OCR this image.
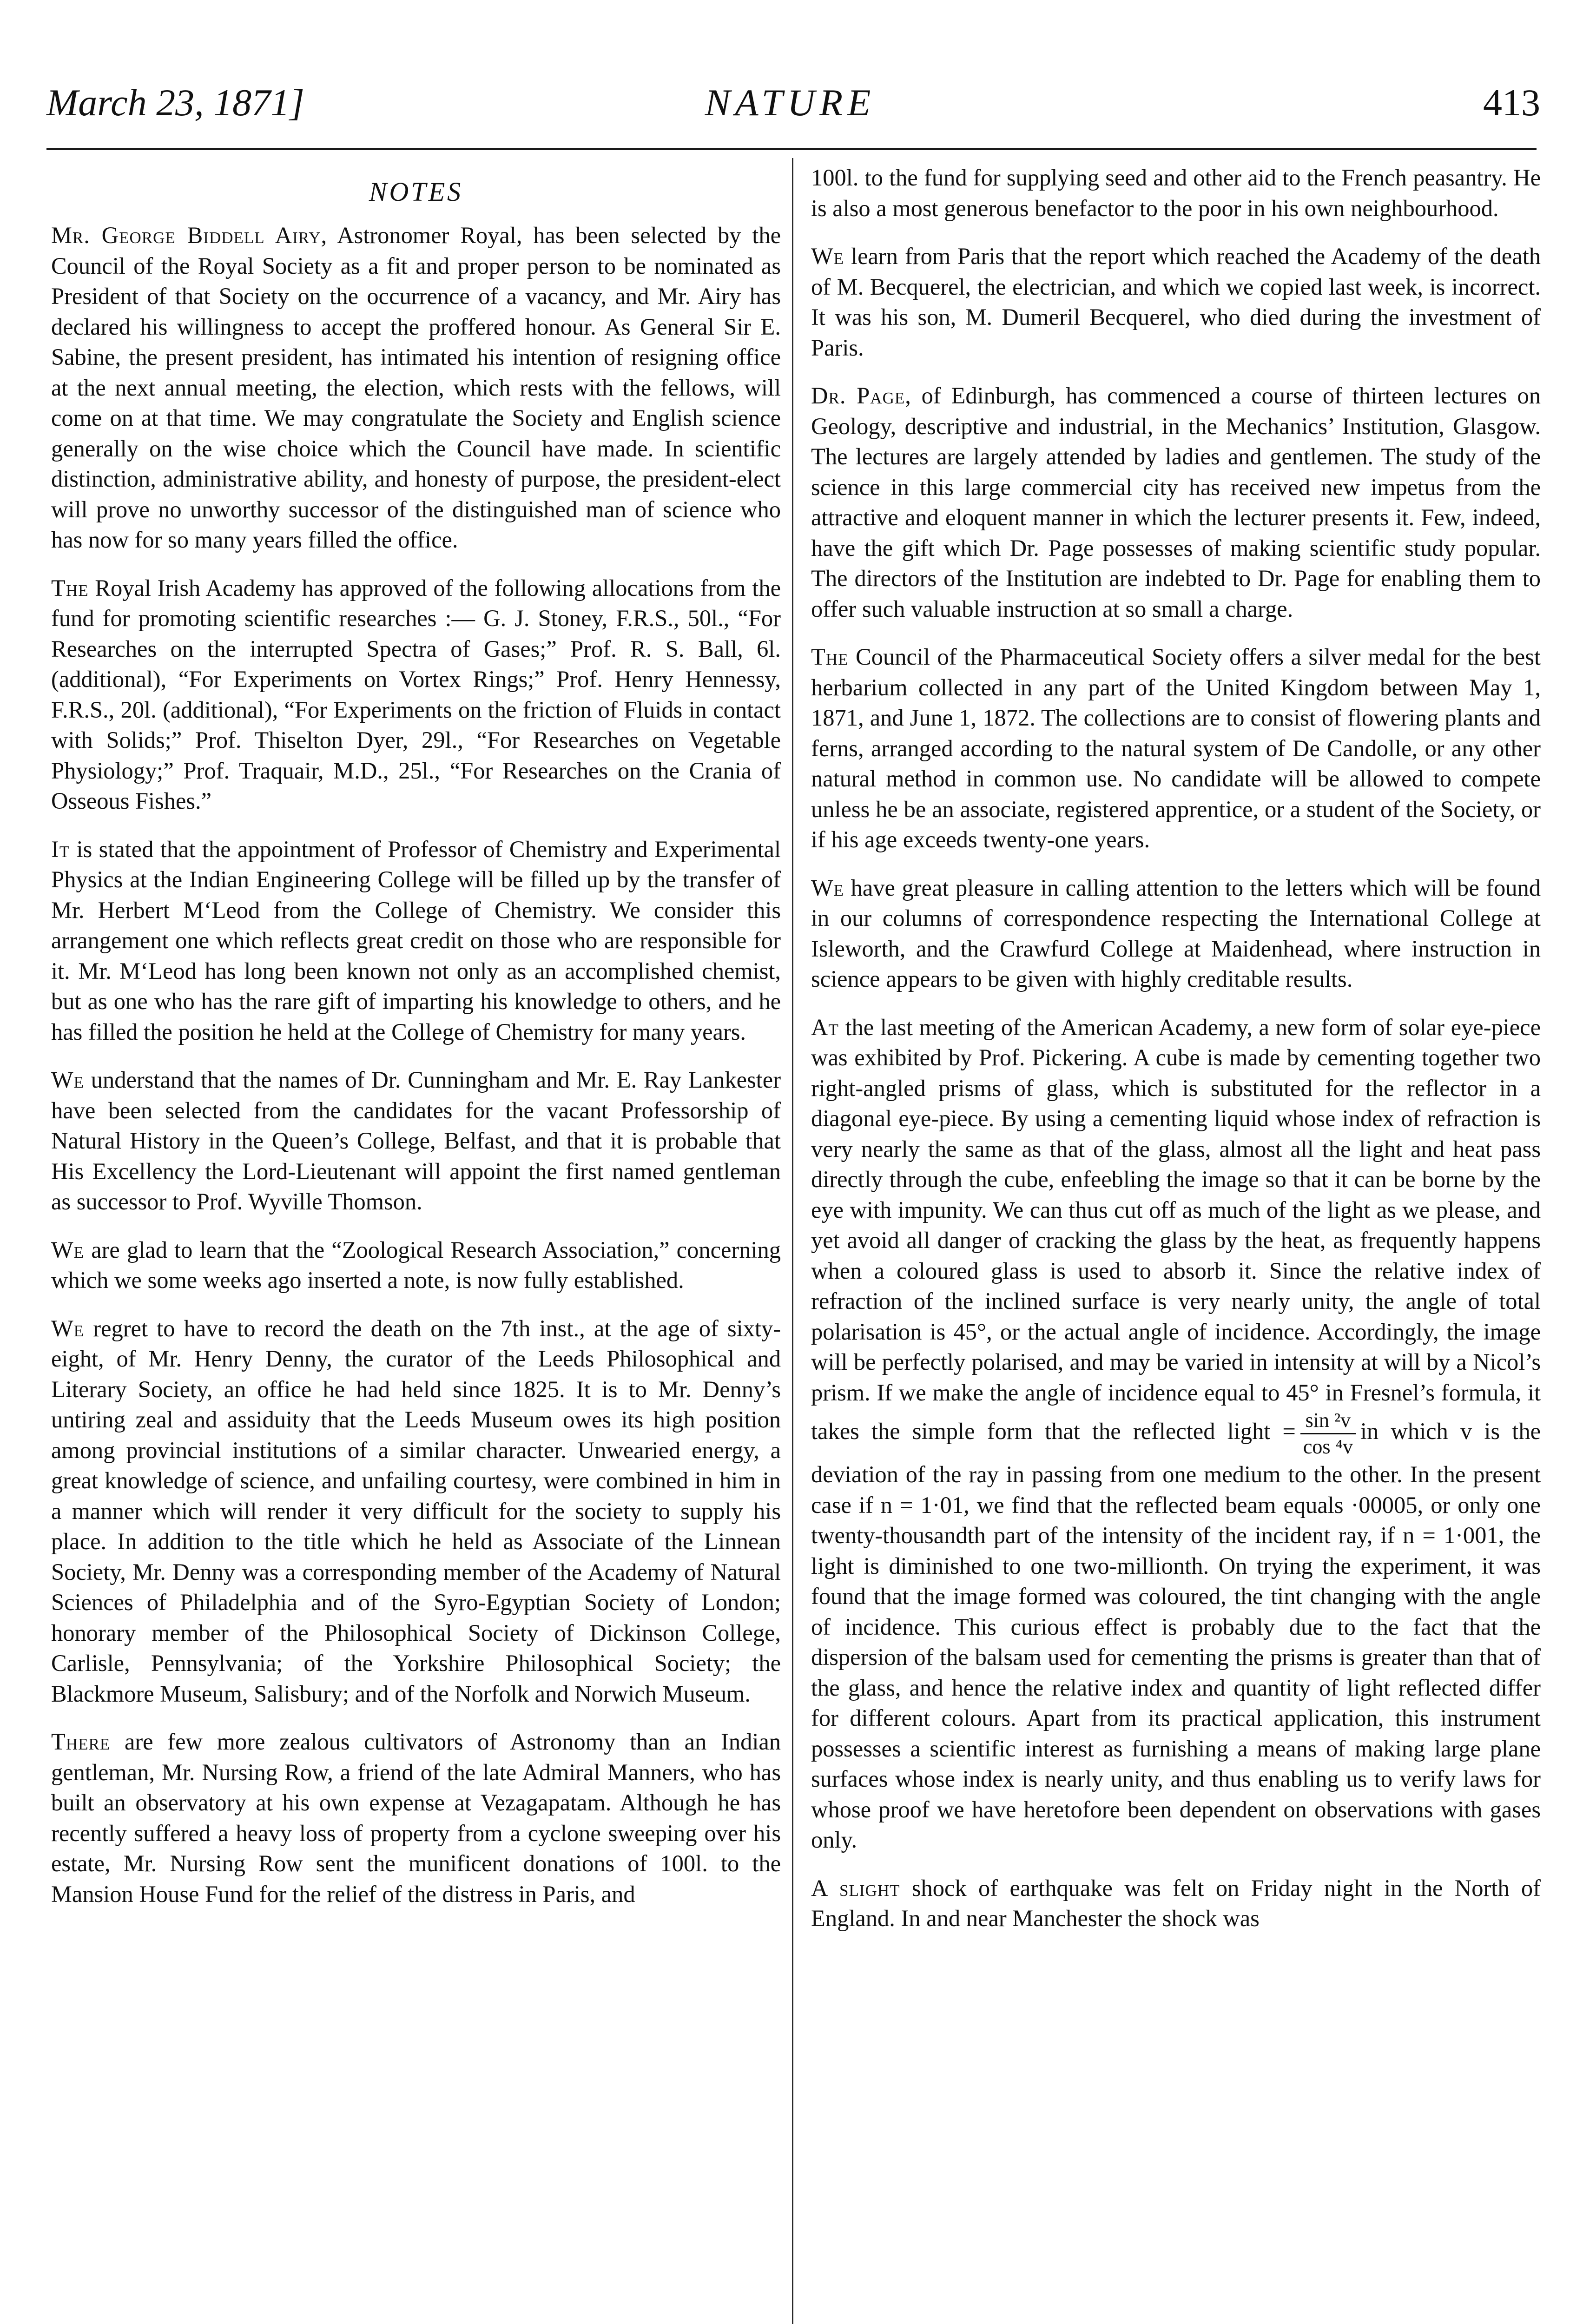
March 23, 1871]	NATURE	413
NOTES

Mr. George Biddell Airy, Astronomer Royal, has been selected by the Council of the Royal Society as a fit and proper person to be nominated as President of that Society on the occurrence of a vacancy, and Mr. Airy has declared his willingness to accept the proffered honour. As General Sir E. Sabine, the present president, has intimated his intention of resigning office at the next annual meeting, the election, which rests with the fellows, will come on at that time. We may congratulate the Society and English science generally on the wise choice which the Council have made. In scientific distinction, administrative ability, and honesty of purpose, the president-elect will prove no unworthy successor of the distinguished man of science who has now for so many years filled the office.

The Royal Irish Academy has approved of the following allocations from the fund for promoting scientific researches :— G. J. Stoney, F.R.S., 50l., “For Researches on the interrupted Spectra of Gases;” Prof. R. S. Ball, 6l. (additional), “For Experiments on Vortex Rings;” Prof. Henry Hennessy, F.R.S., 20l. (additional), “For Experiments on the friction of Fluids in contact with Solids;” Prof. Thiselton Dyer, 29l., “For Researches on Vegetable Physiology;” Prof. Traquair, M.D., 25l., “For Researches on the Crania of Osseous Fishes.”

It is stated that the appointment of Professor of Chemistry and Experimental Physics at the Indian Engineering College will be filled up by the transfer of Mr. Herbert M‘Leod from the College of Chemistry. We consider this arrangement one which reflects great credit on those who are responsible for it. Mr. M‘Leod has long been known not only as an accomplished chemist, but as one who has the rare gift of imparting his knowledge to others, and he has filled the position he held at the College of Chemistry for many years.

We understand that the names of Dr. Cunningham and Mr. E. Ray Lankester have been selected from the candidates for the vacant Professorship of Natural History in the Queen’s College, Belfast, and that it is probable that His Excellency the Lord-Lieutenant will appoint the first named gentleman as successor to Prof. Wyville Thomson.

We are glad to learn that the “Zoological Research Association,” concerning which we some weeks ago inserted a note, is now fully established.

We regret to have to record the death on the 7th inst., at the age of sixty-eight, of Mr. Henry Denny, the curator of the Leeds Philosophical and Literary Society, an office he had held since 1825. It is to Mr. Denny’s untiring zeal and assiduity that the Leeds Museum owes its high position among provincial institutions of a similar character. Unwearied energy, a great knowledge of science, and unfailing courtesy, were combined in him in a manner which will render it very difficult for the society to supply his place. In addition to the title which he held as Associate of the Linnean Society, Mr. Denny was a corresponding member of the Academy of Natural Sciences of Philadelphia and of the Syro-Egyptian Society of London; honorary member of the Philosophical Society of Dickinson College, Carlisle, Pennsylvania; of the Yorkshire Philosophical Society; the Blackmore Museum, Salisbury; and of the Norfolk and Norwich Museum.

There are few more zealous cultivators of Astronomy than an Indian gentleman, Mr. Nursing Row, a friend of the late Admiral Manners, who has built an observatory at his own expense at Vezagapatam. Although he has recently suffered a heavy loss of property from a cyclone sweeping over his estate, Mr. Nursing Row sent the munificent donations of 100l. to the Mansion House Fund for the relief of the distress in Paris, and

100l. to the fund for supplying seed and other aid to the French peasantry. He is also a most generous benefactor to the poor in his own neighbourhood.

We learn from Paris that the report which reached the Academy of the death of M. Becquerel, the electrician, and which we copied last week, is incorrect. It was his son, M. Dumeril Becquerel, who died during the investment of Paris.

Dr. Page, of Edinburgh, has commenced a course of thirteen lectures on Geology, descriptive and industrial, in the Mechanics’ Institution, Glasgow. The lectures are largely attended by ladies and gentlemen. The study of the science in this large commercial city has received new impetus from the attractive and eloquent manner in which the lecturer presents it. Few, indeed, have the gift which Dr. Page possesses of making scientific study popular. The directors of the Institution are indebted to Dr. Page for enabling them to offer such valuable instruction at so small a charge.

The Council of the Pharmaceutical Society offers a silver medal for the best herbarium collected in any part of the United Kingdom between May 1, 1871, and June 1, 1872. The collections are to consist of flowering plants and ferns, arranged according to the natural system of De Candolle, or any other natural method in common use. No candidate will be allowed to compete unless he be an associate, registered apprentice, or a student of the Society, or if his age exceeds twenty-one years.

We have great pleasure in calling attention to the letters which will be found in our columns of correspondence respecting the International College at Isleworth, and the Crawfurd College at Maidenhead, where instruction in science appears to be given with highly creditable results.

At the last meeting of the American Academy, a new form of solar eye-piece was exhibited by Prof. Pickering. A cube is made by cementing together two right-angled prisms of glass, which is substituted for the reflector in a diagonal eye-piece. By using a cementing liquid whose index of refraction is very nearly the same as that of the glass, almost all the light and heat pass directly through the cube, enfeebling the image so that it can be borne by the eye with impunity. We can thus cut off as much of the light as we please, and yet avoid all danger of cracking the glass by the heat, as frequently happens when a coloured glass is used to absorb it. Since the relative index of refraction of the inclined surface is very nearly unity, the angle of total polarisation is 45°, or the actual angle of incidence. Accordingly, the image will be perfectly polarised, and may be varied in intensity at will by a Nicol’s prism. If we make the angle of incidence equal to 45° in Fresnel’s formula, it takes the simple form that the reflected light = $\frac{\text{sin ²v}}{\text{cos ⁴v}}$ in which v is the deviation of the ray in passing from one medium to the other. In the present case if n = 1·01, we find that the reflected beam equals ·00005, or only one twenty-thousandth part of the intensity of the incident ray, if n = 1·001, the light is diminished to one two-millionth. On trying the experiment, it was found that the image formed was coloured, the tint changing with the angle of incidence. This curious effect is probably due to the fact that the dispersion of the balsam used for cementing the prisms is greater than that of the glass, and hence the relative index and quantity of light reflected differ for different colours. Apart from its practical application, this instrument possesses a scientific interest as furnishing a means of making large plane surfaces whose index is nearly unity, and thus enabling us to verify laws for whose proof we have heretofore been dependent on observations with gases only.

A slight shock of earthquake was felt on Friday night in the North of England. In and near Manchester the shock was
